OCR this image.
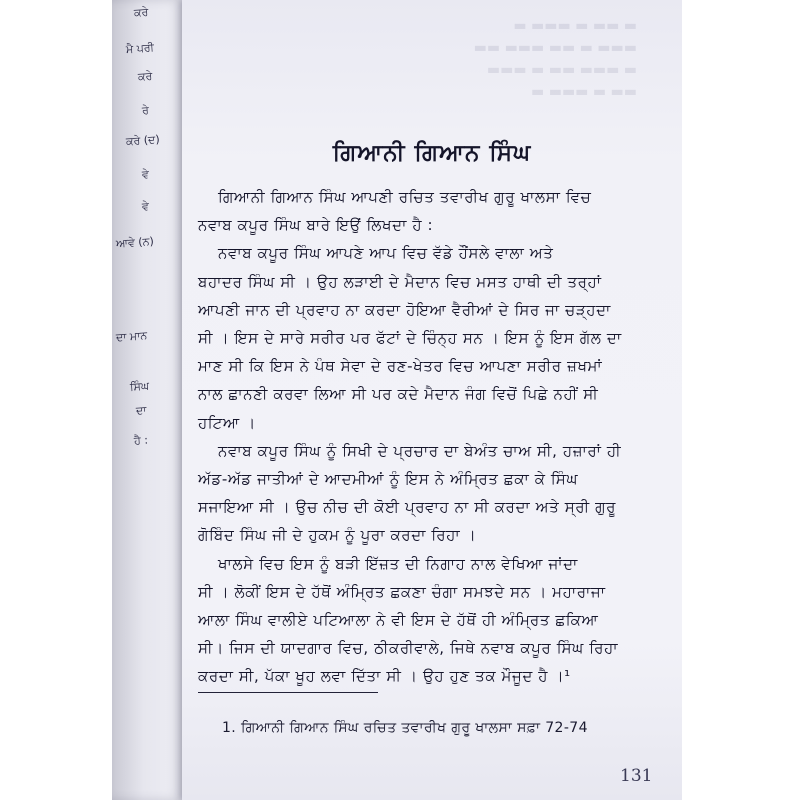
ਕਰੇ
ਮੈ ਪਰੀ
ਕਰੇ
ਰੇ
ਕਰੇ (ਦ)
ਵੇ
ਵੇ
ਆਵੇ (ਨ)
ਦਾ ਮਾਨ
ਸਿੰਘ
ਦਾ
ਹੈ :
▬ ▬▬ ▬ ▬▬▬ ▬
▬▬▬ ▬ ▬▬ ▬▬▬ ▬▬
▬ ▬▬▬ ▬▬ ▬ ▬▬▬
▬▬ ▬ ▬▬▬ ▬
ਗਿਆਨੀ ਗਿਆਨ ਸਿੰਘ

ਗਿਆਨੀ ਗਿਆਨ ਸਿੰਘ ਆਪਣੀ ਰਚਿਤ ਤਵਾਰੀਖ ਗੁਰੂ ਖਾਲਸਾ ਵਿਚ
ਨਵਾਬ ਕਪੂਰ ਸਿੰਘ ਬਾਰੇ ਇਉਂ ਲਿਖਦਾ ਹੈ :
ਨਵਾਬ ਕਪੂਰ ਸਿੰਘ ਆਪਣੇ ਆਪ ਵਿਚ ਵੱਡੇ ਹੌਂਸਲੇ ਵਾਲਾ ਅਤੇ
ਬਹਾਦਰ ਸਿੰਘ ਸੀ । ਉਹ ਲੜਾਈ ਦੇ ਮੈਦਾਨ ਵਿਚ ਮਸਤ ਹਾਥੀ ਦੀ ਤਰ੍ਹਾਂ
ਆਪਣੀ ਜਾਨ ਦੀ ਪ੍ਰਵਾਹ ਨਾ ਕਰਦਾ ਹੋਇਆ ਵੈਰੀਆਂ ਦੇ ਸਿਰ ਜਾ ਚੜ੍ਹਦਾ
ਸੀ । ਇਸ ਦੇ ਸਾਰੇ ਸਰੀਰ ਪਰ ਫੱਟਾਂ ਦੇ ਚਿੰਨ੍ਹ ਸਨ । ਇਸ ਨੂੰ ਇਸ ਗੱਲ ਦਾ
ਮਾਣ ਸੀ ਕਿ ਇਸ ਨੇ ਪੰਥ ਸੇਵਾ ਦੇ ਰਣ-ਖੇਤਰ ਵਿਚ ਆਪਣਾ ਸਰੀਰ ਜ਼ਖਮਾਂ
ਨਾਲ ਛਾਨਣੀ ਕਰਵਾ ਲਿਆ ਸੀ ਪਰ ਕਦੇ ਮੈਦਾਨ ਜੰਗ ਵਿਚੋਂ ਪਿਛੇ ਨਹੀਂ ਸੀ
ਹਟਿਆ ।

ਨਵਾਬ ਕਪੂਰ ਸਿੰਘ ਨੂੰ ਸਿਖੀ ਦੇ ਪ੍ਰਚਾਰ ਦਾ ਬੇਅੰਤ ਚਾਅ ਸੀ, ਹਜ਼ਾਰਾਂ ਹੀ
ਅੱਡ-ਅੱਡ ਜਾਤੀਆਂ ਦੇ ਆਦਮੀਆਂ ਨੂੰ ਇਸ ਨੇ ਅੰਮ੍ਰਿਤ ਛਕਾ ਕੇ ਸਿੰਘ
ਸਜਾਇਆ ਸੀ । ਉਚ ਨੀਚ ਦੀ ਕੋਈ ਪ੍ਰਵਾਹ ਨਾ ਸੀ ਕਰਦਾ ਅਤੇ ਸ੍ਰੀ ਗੁਰੂ
ਗੋਬਿੰਦ ਸਿੰਘ ਜੀ ਦੇ ਹੁਕਮ ਨੂੰ ਪੂਰਾ ਕਰਦਾ ਰਿਹਾ ।

ਖਾਲਸੇ ਵਿਚ ਇਸ ਨੂੰ ਬੜੀ ਇੱਜ਼ਤ ਦੀ ਨਿਗਾਹ ਨਾਲ ਵੇਖਿਆ ਜਾਂਦਾ
ਸੀ । ਲੋਕੀਂ ਇਸ ਦੇ ਹੱਥੋਂ ਅੰਮ੍ਰਿਤ ਛਕਣਾ ਚੰਗਾ ਸਮਝਦੇ ਸਨ । ਮਹਾਰਾਜਾ
ਆਲਾ ਸਿੰਘ ਵਾਲੀਏ ਪਟਿਆਲਾ ਨੇ ਵੀ ਇਸ ਦੇ ਹੱਥੋਂ ਹੀ ਅੰਮ੍ਰਿਤ ਛਕਿਆ
ਸੀ। ਜਿਸ ਦੀ ਯਾਦਗਾਰ ਵਿਚ, ਠੀਕਰੀਵਾਲੇ, ਜਿਥੇ ਨਵਾਬ ਕਪੂਰ ਸਿੰਘ ਰਿਹਾ
ਕਰਦਾ ਸੀ, ਪੱਕਾ ਖੂਹ ਲਵਾ ਦਿੱਤਾ ਸੀ । ਉਹ ਹੁਣ ਤਕ ਮੌਜੂਦ ਹੈ ।¹

1. ਗਿਆਨੀ ਗਿਆਨ ਸਿੰਘ ਰਚਿਤ ਤਵਾਰੀਖ ਗੁਰੂ ਖਾਲਸਾ ਸਫ਼ਾ 72-74
131
